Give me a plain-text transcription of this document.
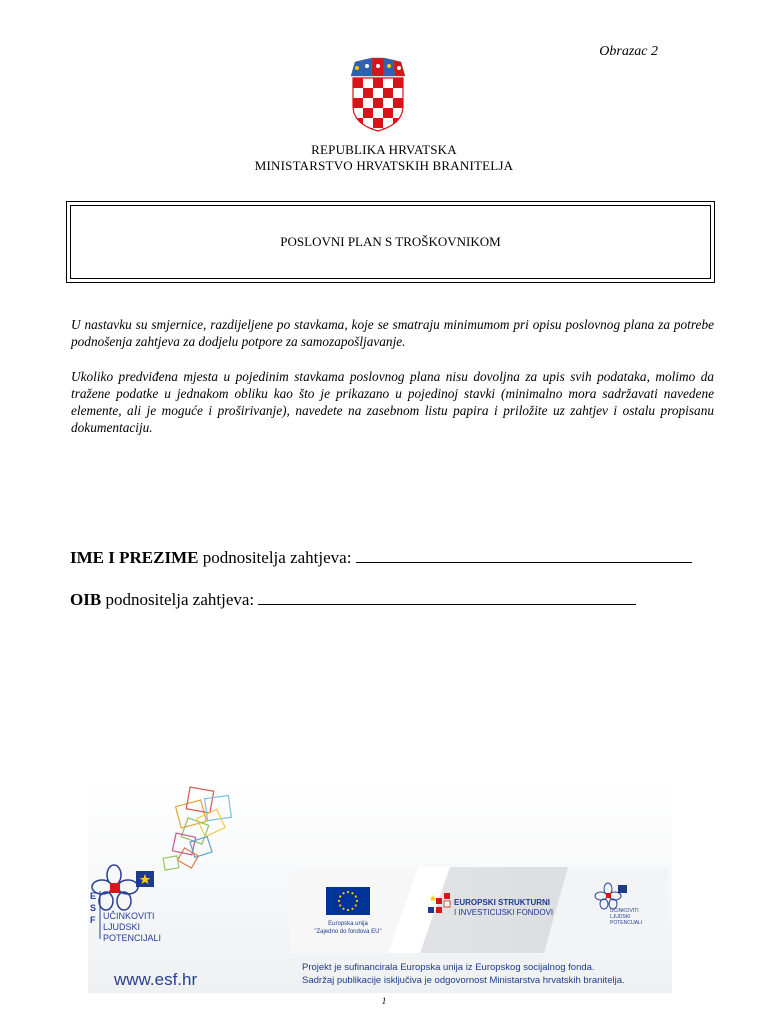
Obrazac 2
REPUBLIKA HRVATSKA
MINISTARSTVO HRVATSKIH BRANITELJA
POSLOVNI PLAN S TROŠKOVNIKOM
U nastavku su smjernice, razdijeljene po stavkama, koje se smatraju minimumom pri opisu poslovnog plana za potrebe podnošenja zahtjeva za dodjelu potpore za samozapošljavanje.
Ukoliko predviđena mjesta u pojedinim stavkama poslovnog plana nisu dovoljna za upis svih podataka, molimo da tražene podatke u jednakom obliku kao što je prikazano u pojedinoj stavki (minimalno mora sadržavati navedene elemente, ali je moguće i proširivanje), navedete na zasebnom listu papira i priložite uz zahtjev i ostalu propisanu dokumentaciju.
IME I PREZIME podnositelja zahtjeva:
OIB podnositelja zahtjeva:
E
S
F UČINKOVITI
LJUDSKI
POTENCIJALI
www.esf.hr
Europska unija
"Zajedno do fondova EU"
EUROPSKI STRUKTURNI
I INVESTICIJSKI FONDOVI	UČINKOVITI
LJUDSKI
POTENCIJALI
Projekt je sufinancirala Europska unija iz Europskog socijalnog fonda.
Sadržaj publikacije isključiva je odgovornost Ministarstva hrvatskih branitelja.
1
